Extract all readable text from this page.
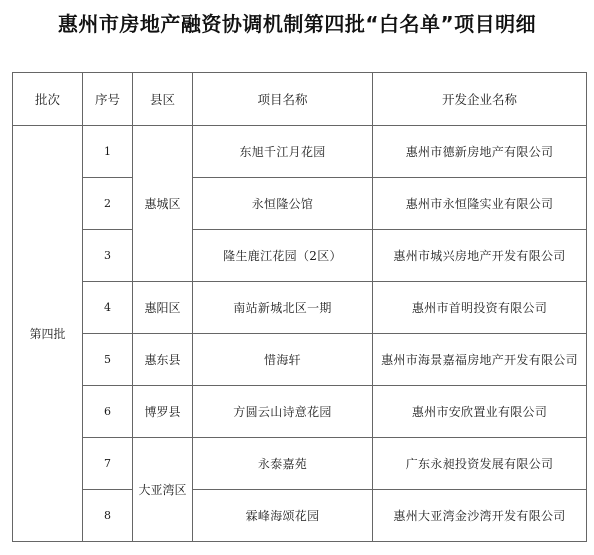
惠州市房地产融资协调机制第四批“白名单”项目明细
批次	序号	县区	项目名称	开发企业名称
第四批	1	惠城区	东旭千江月花园	惠州市德新房地产有限公司
	2		永恒隆公馆	惠州市永恒隆实业有限公司
	3		隆生鹿江花园（2区）	惠州市城兴房地产开发有限公司
	4	惠阳区	南站新城北区一期	惠州市首明投资有限公司
	5	惠东县	惜海轩	惠州市海景嘉福房地产开发有限公司
	6	博罗县	方圆云山诗意花园	惠州市安欣置业有限公司
	7	大亚湾区	永泰嘉苑	广东永昶投资发展有限公司
	8		霖峰海颂花园	惠州大亚湾金沙湾开发有限公司
